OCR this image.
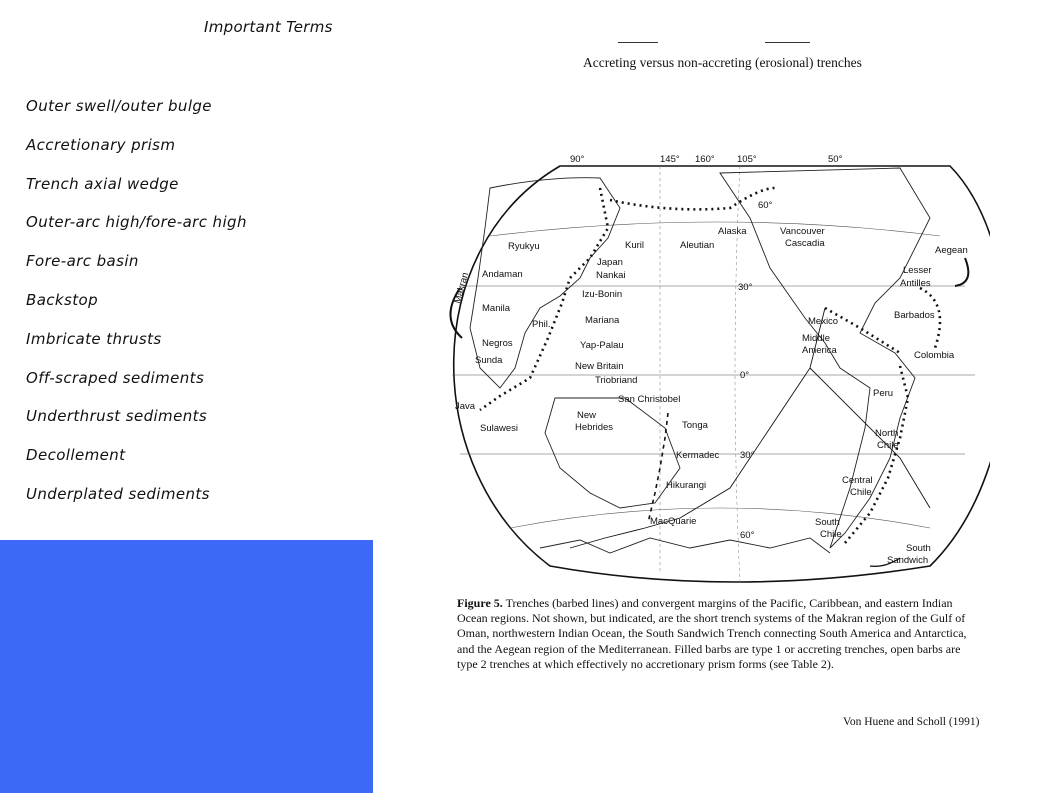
Important Terms
Outer swell/outer bulge
Accretionary prism
Trench axial wedge
Outer-arc high/fore-arc high
Fore-arc basin
Backstop
Imbricate thrusts
Off-scraped sediments
Underthrust sediments
Decollement
Underplated sediments
Accreting versus non-accreting (erosional) trenches
90°	145° 160° 105°	50°
60°
30°
0°
30°
60°
Ryukyu	Kuril	Aleutian
Alaska	Vancouver
Cascadia
Japan
Nankai
Izu-Bonin
Mariana
Yap-Palau
Phil.
Andaman
Manila
Negros
Sunda
Java
Sulawesi
New Britain
Triobriand
San Christobel
New
Hebrides	Tonga
Kermadec
Hikurangi
MacQuarie
Mexico
Middle
America	Colombia
Barbados
Lesser
Antilles
Aegean
Makran
Peru
North
Chile
Central
Chile
South
Chile
South
Sandwich
Figure 5. Trenches (barbed lines) and convergent margins of the Pacific, Caribbean, and eastern Indian Ocean regions. Not shown, but indicated, are the short trench systems of the Makran region of the Gulf of Oman, northwestern Indian Ocean, the South Sandwich Trench connecting South America and Antarctica, and the Aegean region of the Mediterranean. Filled barbs are type 1 or accreting trenches, open barbs are type 2 trenches at which effectively no accretionary prism forms (see Table 2).
Von Huene and Scholl (1991)
